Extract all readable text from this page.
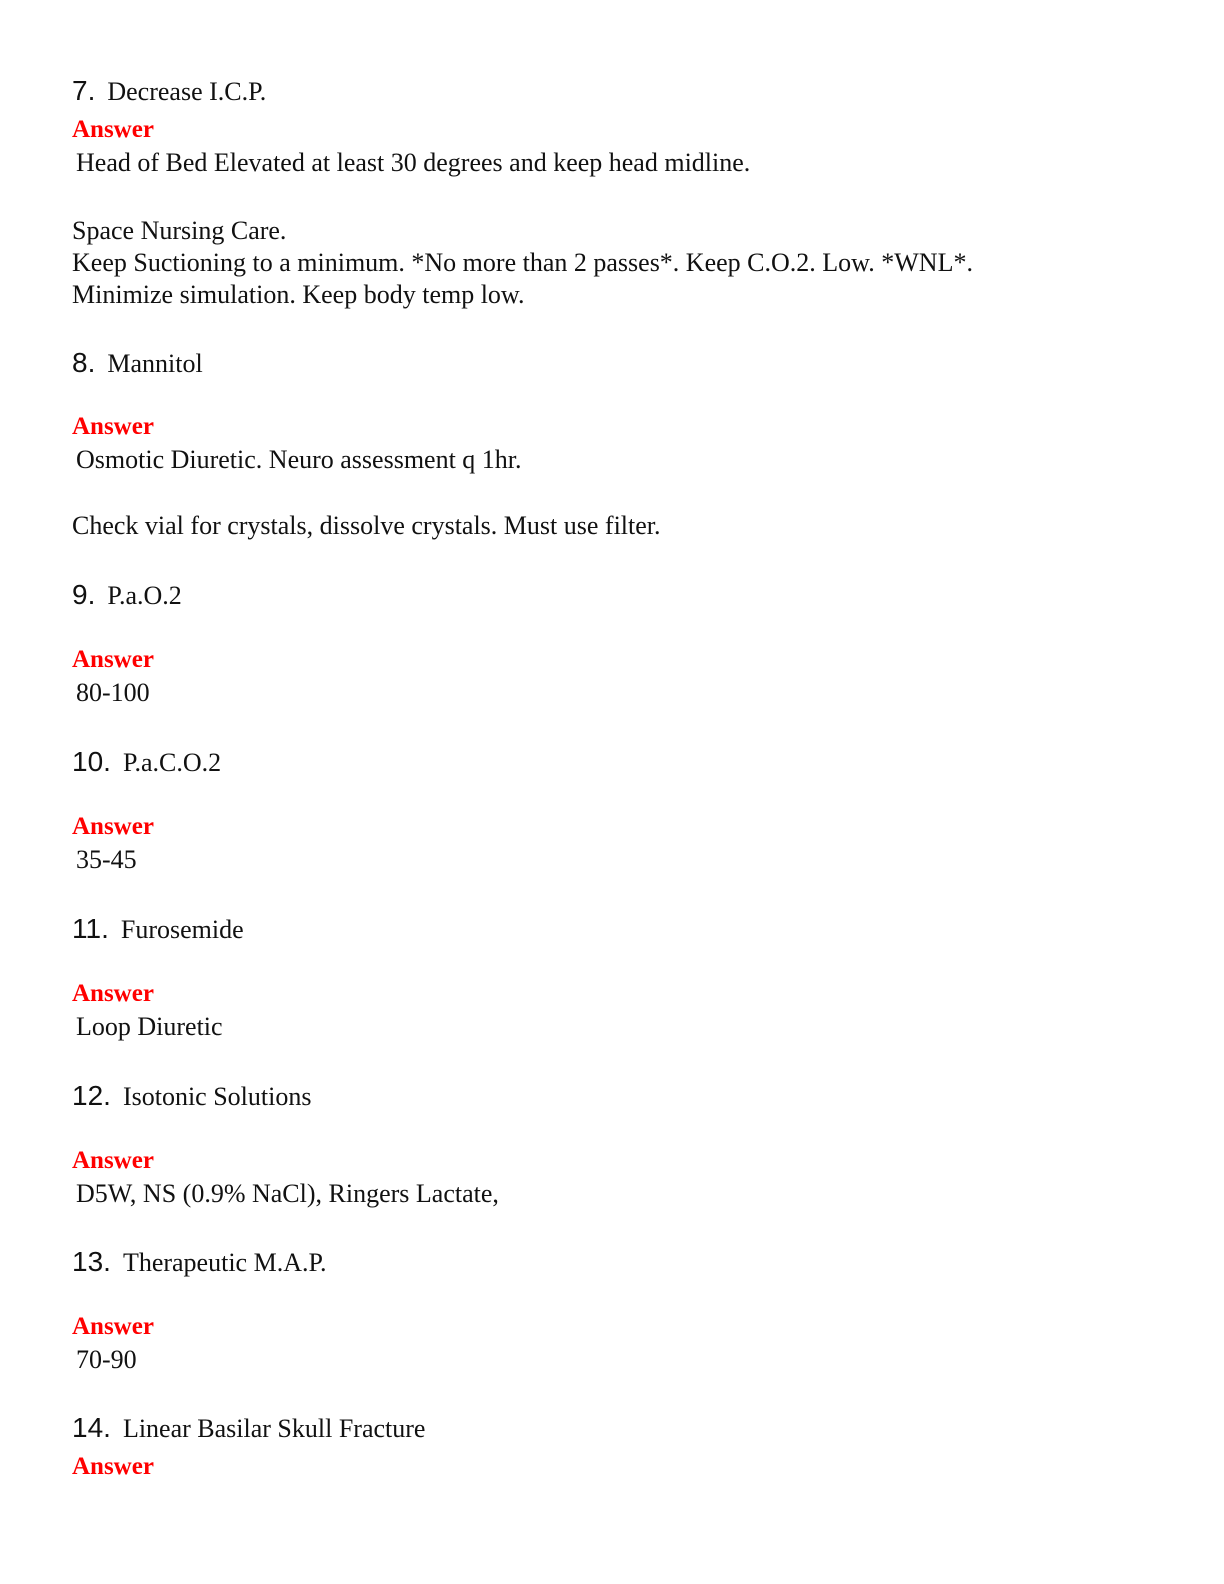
7. Decrease I.C.P.
Answer
Head of Bed Elevated at least 30 degrees and keep head midline.
Space Nursing Care.
Keep Suctioning to a minimum. *No more than 2 passes*. Keep C.O.2. Low. *WNL*.
Minimize simulation. Keep body temp low.
8. Mannitol
Answer
Osmotic Diuretic. Neuro assessment q 1hr.
Check vial for crystals, dissolve crystals. Must use filter.
9. P.a.O.2
Answer
80-100
10. P.a.C.O.2
Answer
35-45
11. Furosemide
Answer
Loop Diuretic
12. Isotonic Solutions
Answer
D5W, NS (0.9% NaCl), Ringers Lactate,
13. Therapeutic M.A.P.
Answer
70-90
14. Linear Basilar Skull Fracture
Answer
